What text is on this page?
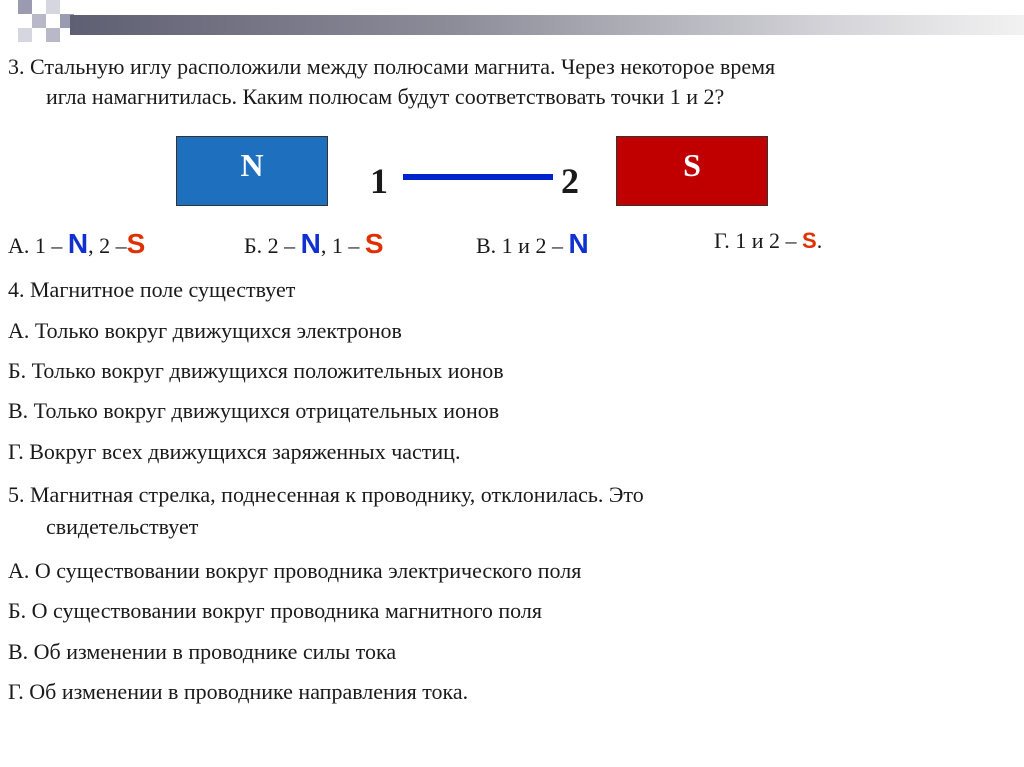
3. Стальную иглу расположили между полюсами магнита. Через некоторое время
игла намагнитилась. Каким полюсам будут соответствовать точки 1 и 2?
N	1	2	S
А. 1 – N, 2 –S	Б. 2 – N, 1 – S	В. 1 и 2 – N	Г. 1 и 2 – S.
4. Магнитное поле существует
А. Только вокруг движущихся электронов
Б. Только вокруг движущихся положительных ионов
В. Только вокруг движущихся отрицательных ионов
Г. Вокруг всех движущихся заряженных частиц.
5. Магнитная стрелка, поднесенная к проводнику, отклонилась. Это
свидетельствует
А. О существовании вокруг проводника электрического поля
Б. О существовании вокруг проводника магнитного поля
В. Об изменении в проводнике силы тока
Г. Об изменении в проводнике направления тока.
